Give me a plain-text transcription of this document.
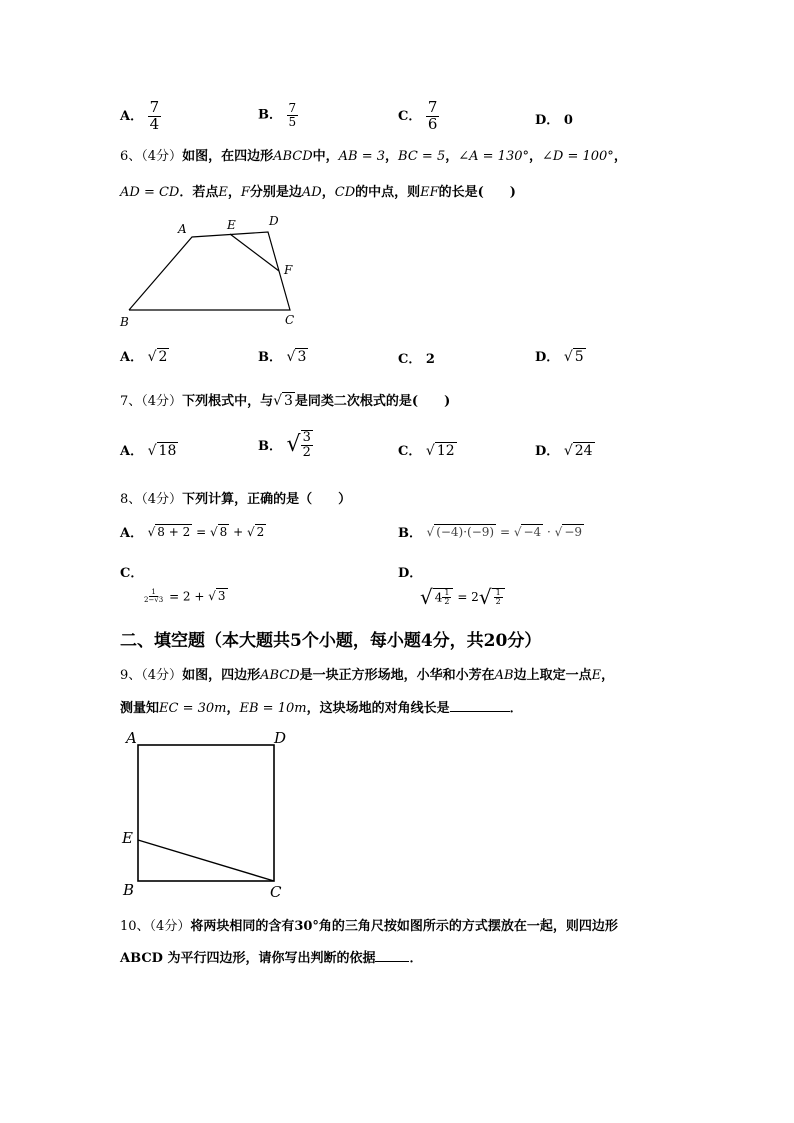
A． $\frac{7}{4}$	B． $\frac{7}{5}$	C． $\frac{7}{6}$	D． 0
6、（4分）如图，在四边形ABCD中，AB = 3，BC = 5，∠A = 130°，∠D = 100°，
AD = CD．若点E，F分别是边AD，CD的中点，则EF的长是(　　)
A	E	D
F
B	C
A． √ 2	B． √ 3	C． 2	D． √ 5
7、（4分）下列根式中，与√ 3 是同类二次根式的是(　　)
A． √ 18	B． √ $\frac{3}{2}$	C． √ 12	D． √ 24
8、（4分）下列计算，正确的是（　　）
A． √ 8 + 2 = √ 8 + √ 2	B． √ (−4)·(−9) = √ −4 · √ −9
C．
$\frac{1}{2-√3} = 2$ + √ 3
D．
√ $4 \frac{1}{2} = 2√ \frac{1}{2}$
二、填空题（本大题共5个小题，每小题4分，共20分）
9、（4分）如图，四边形ABCD是一块正方形场地，小华和小芳在AB边上取定一点E，
测量知EC = 30m，EB = 10m，这块场地的对角线长是	．
A	D
E
B	C
10、（4分）将两块相同的含有30°角的三角尺按如图所示的方式摆放在一起，则四边形
ABCD 为平行四边形，请你写出判断的依据	．
